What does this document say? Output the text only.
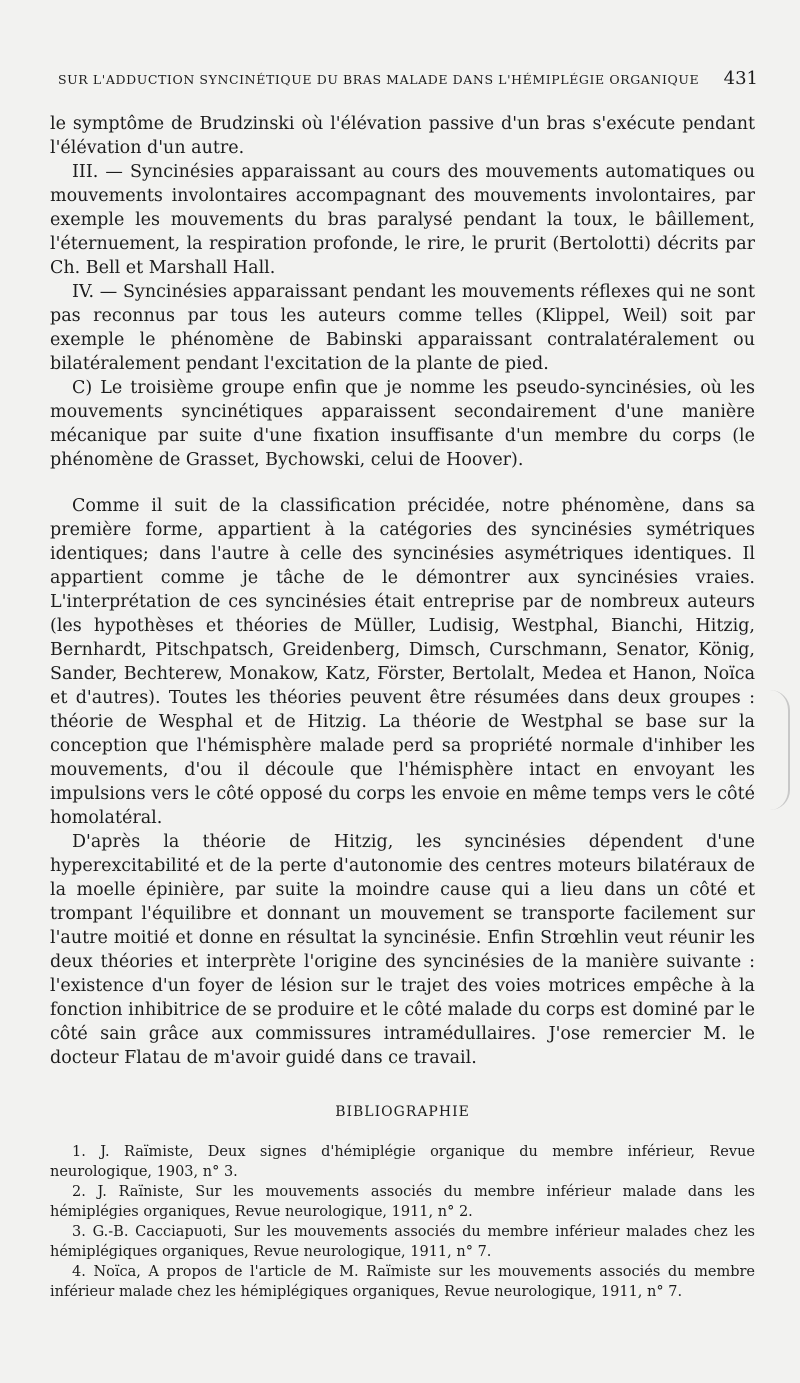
SUR L'ADDUCTION SYNCINÉTIQUE DU BRAS MALADE DANS L'HÉMIPLÉGIE ORGANIQUE 431

le symptôme de Brudzinski où l'élévation passive d'un bras s'exécute pendant l'élévation d'un autre.

III. — Syncinésies apparaissant au cours des mouvements automatiques ou mouvements involontaires accompagnant des mouvements involontaires, par exemple les mouvements du bras paralysé pendant la toux, le bâillement, l'éternuement, la respiration profonde, le rire, le prurit (Bertolotti) décrits par Ch. Bell et Marshall Hall.

IV. — Syncinésies apparaissant pendant les mouvements réflexes qui ne sont pas reconnus par tous les auteurs comme telles (Klippel, Weil) soit par exemple le phénomène de Babinski apparaissant contralatéralement ou bilatéralement pendant l'excitation de la plante de pied.

C) Le troisième groupe enfin que je nomme les pseudo-syncinésies, où les mouvements syncinétiques apparaissent secondairement d'une manière mécanique par suite d'une fixation insuffisante d'un membre du corps (le phénomène de Grasset, Bychowski, celui de Hoover).

Comme il suit de la classification précidée, notre phénomène, dans sa première forme, appartient à la catégories des syncinésies symétriques identiques; dans l'autre à celle des syncinésies asymétriques identiques. Il appartient comme je tâche de le démontrer aux syncinésies vraies. L'interprétation de ces syncinésies était entreprise par de nombreux auteurs (les hypothèses et théories de Müller, Ludisig, Westphal, Bianchi, Hitzig, Bernhardt, Pitschpatsch, Greidenberg, Dimsch, Curschmann, Senator, König, Sander, Bechterew, Monakow, Katz, Förster, Bertolalt, Medea et Hanon, Noïca et d'autres). Toutes les théories peuvent être résumées dans deux groupes : théorie de Wesphal et de Hitzig. La théorie de Westphal se base sur la conception que l'hémisphère malade perd sa propriété normale d'inhiber les mouvements, d'ou il découle que l'hémisphère intact en envoyant les impulsions vers le côté opposé du corps les envoie en même temps vers le côté homolatéral.

D'après la théorie de Hitzig, les syncinésies dépendent d'une hyperexcitabilité et de la perte d'autonomie des centres moteurs bilatéraux de la moelle épinière, par suite la moindre cause qui a lieu dans un côté et trompant l'équilibre et donnant un mouvement se transporte facilement sur l'autre moitié et donne en résultat la syncinésie. Enfin Strœhlin veut réunir les deux théories et interprète l'origine des syncinésies de la manière suivante : l'existence d'un foyer de lésion sur le trajet des voies motrices empêche à la fonction inhibitrice de se produire et le côté malade du corps est dominé par le côté sain grâce aux commissures intramédullaires. J'ose remercier M. le docteur Flatau de m'avoir guidé dans ce travail.

BIBLIOGRAPHIE

1. J. Raïmiste, Deux signes d'hémiplégie organique du membre inférieur, Revue neurologique, 1903, n° 3.

2. J. Raïniste, Sur les mouvements associés du membre inférieur malade dans les hémiplégies organiques, Revue neurologique, 1911, n° 2.

3. G.-B. Cacciapuoti, Sur les mouvements associés du membre inférieur malades chez les hémiplégiques organiques, Revue neurologique, 1911, n° 7.

4. Noïca, A propos de l'article de M. Raïmiste sur les mouvements associés du membre inférieur malade chez les hémiplégiques organiques, Revue neurologique, 1911, n° 7.
